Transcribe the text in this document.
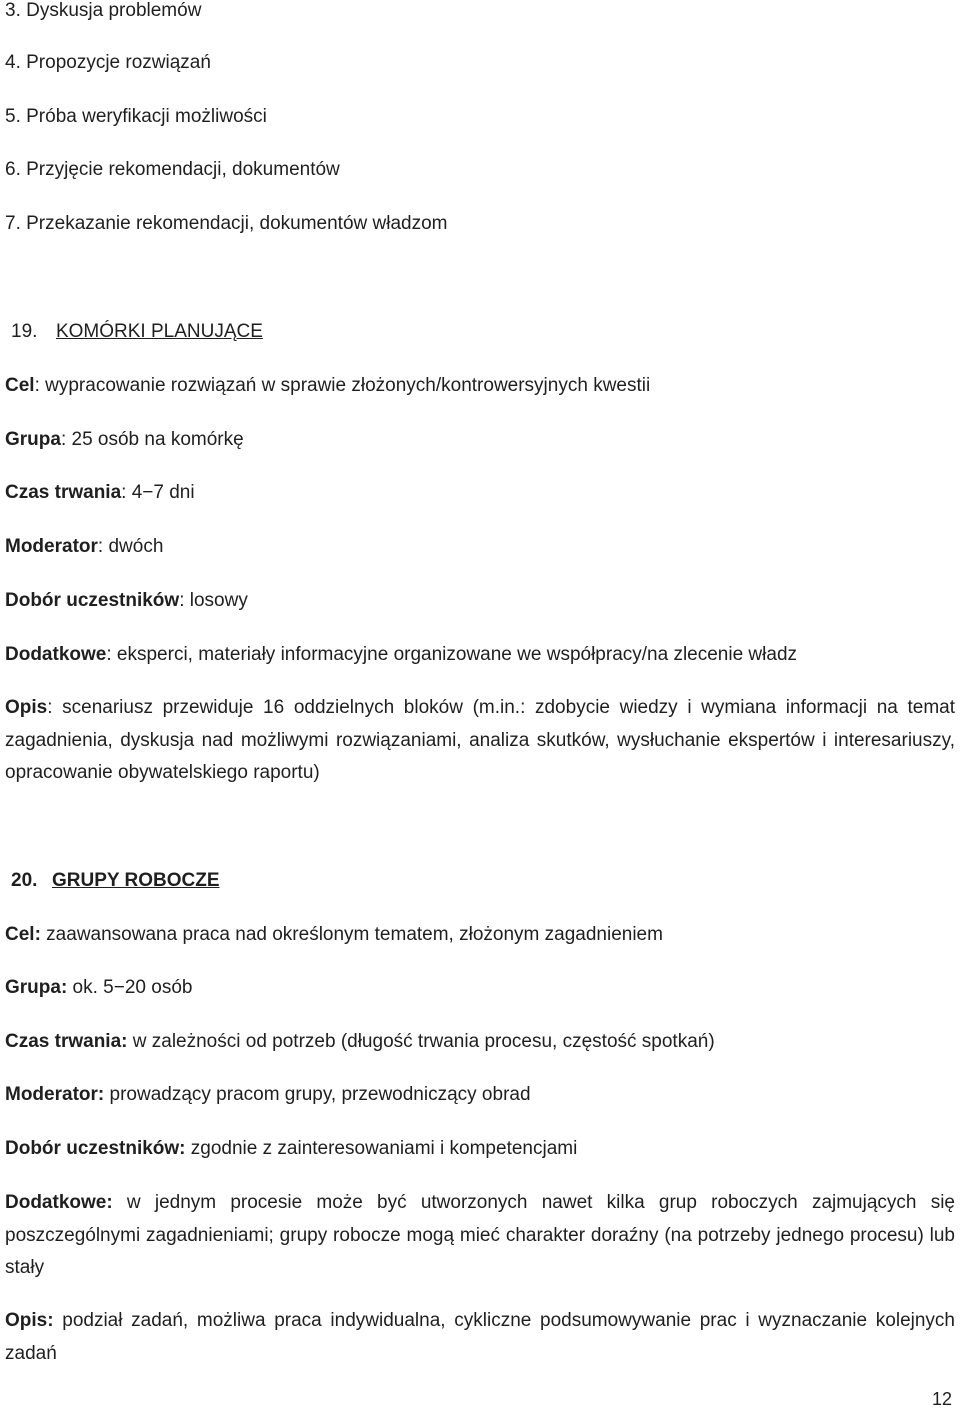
3. Dyskusja problemów
4. Propozycje rozwiązań
5. Próba weryfikacji możliwości
6. Przyjęcie rekomendacji, dokumentów
7. Przekazanie rekomendacji, dokumentów władzom
19. KOMÓRKI PLANUJĄCE
Cel: wypracowanie rozwiązań w sprawie złożonych/kontrowersyjnych kwestii
Grupa: 25 osób na komórkę
Czas trwania: 4−7 dni
Moderator: dwóch
Dobór uczestników: losowy
Dodatkowe: eksperci, materiały informacyjne organizowane we współpracy/na zlecenie władz
Opis: scenariusz przewiduje 16 oddzielnych bloków (m.in.: zdobycie wiedzy i wymiana informacji na temat zagadnienia, dyskusja nad możliwymi rozwiązaniami, analiza skutków, wysłuchanie ekspertów i interesariuszy, opracowanie obywatelskiego raportu)
20. GRUPY ROBOCZE
Cel: zaawansowana praca nad określonym tematem, złożonym zagadnieniem
Grupa: ok. 5−20 osób
Czas trwania: w zależności od potrzeb (długość trwania procesu, częstość spotkań)
Moderator: prowadzący pracom grupy, przewodniczący obrad
Dobór uczestników: zgodnie z zainteresowaniami i kompetencjami
Dodatkowe: w jednym procesie może być utworzonych nawet kilka grup roboczych zajmujących się poszczególnymi zagadnieniami; grupy robocze mogą mieć charakter doraźny (na potrzeby jednego procesu) lub stały
Opis: podział zadań, możliwa praca indywidualna, cykliczne podsumowywanie prac i wyznaczanie kolejnych zadań
12
